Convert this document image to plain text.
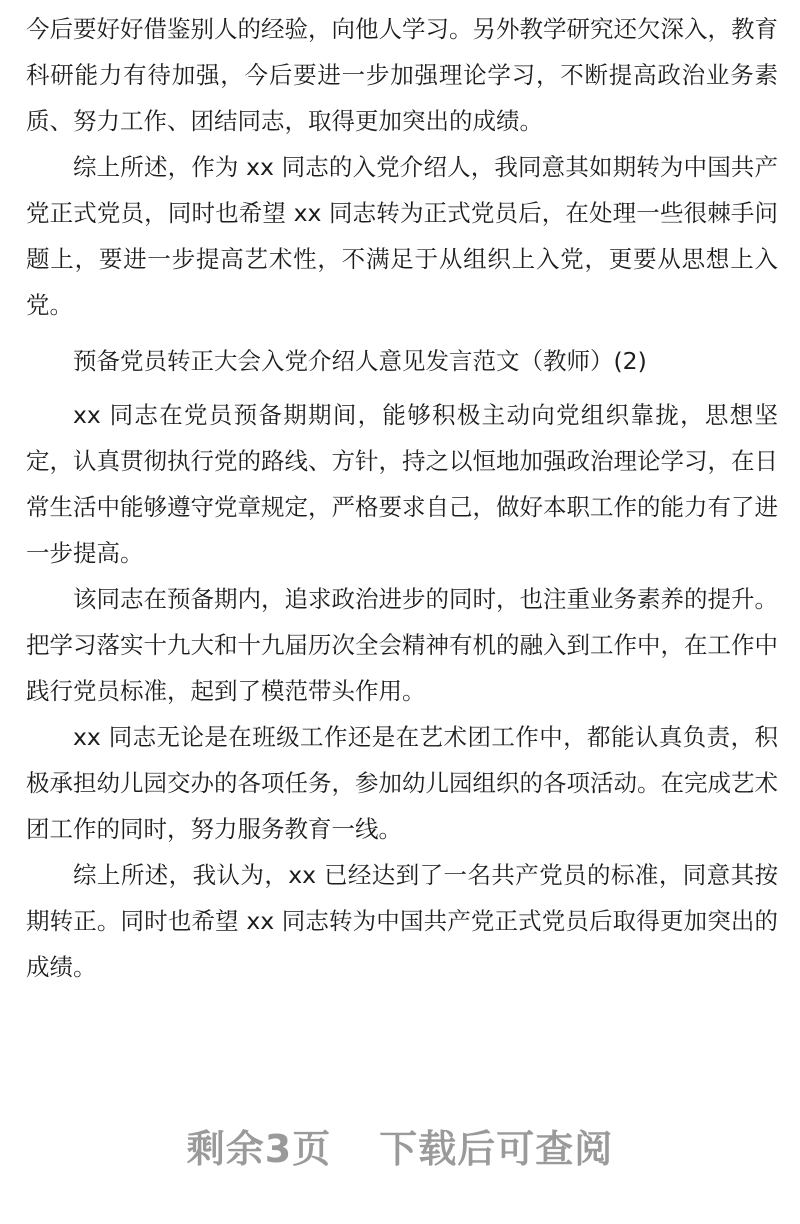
今后要好好借鉴别人的经验，向他人学习。另外教学研究还欠深入，教育科研能力有待加强，今后要进一步加强理论学习，不断提高政治业务素质、努力工作、团结同志，取得更加突出的成绩。

综上所述，作为 xx 同志的入党介绍人，我同意其如期转为中国共产党正式党员，同时也希望 xx 同志转为正式党员后，在处理一些很棘手问题上，要进一步提高艺术性，不满足于从组织上入党，更要从思想上入党。

预备党员转正大会入党介绍人意见发言范文（教师）(2)

xx 同志在党员预备期期间，能够积极主动向党组织靠拢，思想坚定，认真贯彻执行党的路线、方针，持之以恒地加强政治理论学习，在日常生活中能够遵守党章规定，严格要求自己，做好本职工作的能力有了进一步提高。

该同志在预备期内，追求政治进步的同时，也注重业务素养的提升。把学习落实十九大和十九届历次全会精神有机的融入到工作中，在工作中践行党员标准，起到了模范带头作用。

xx 同志无论是在班级工作还是在艺术团工作中，都能认真负责，积极承担幼儿园交办的各项任务，参加幼儿园组织的各项活动。在完成艺术团工作的同时，努力服务教育一线。

综上所述，我认为，xx 已经达到了一名共产党员的标准，同意其按期转正。同时也希望 xx 同志转为中国共产党正式党员后取得更加突出的成绩。

剩余3页 下载后可查阅
